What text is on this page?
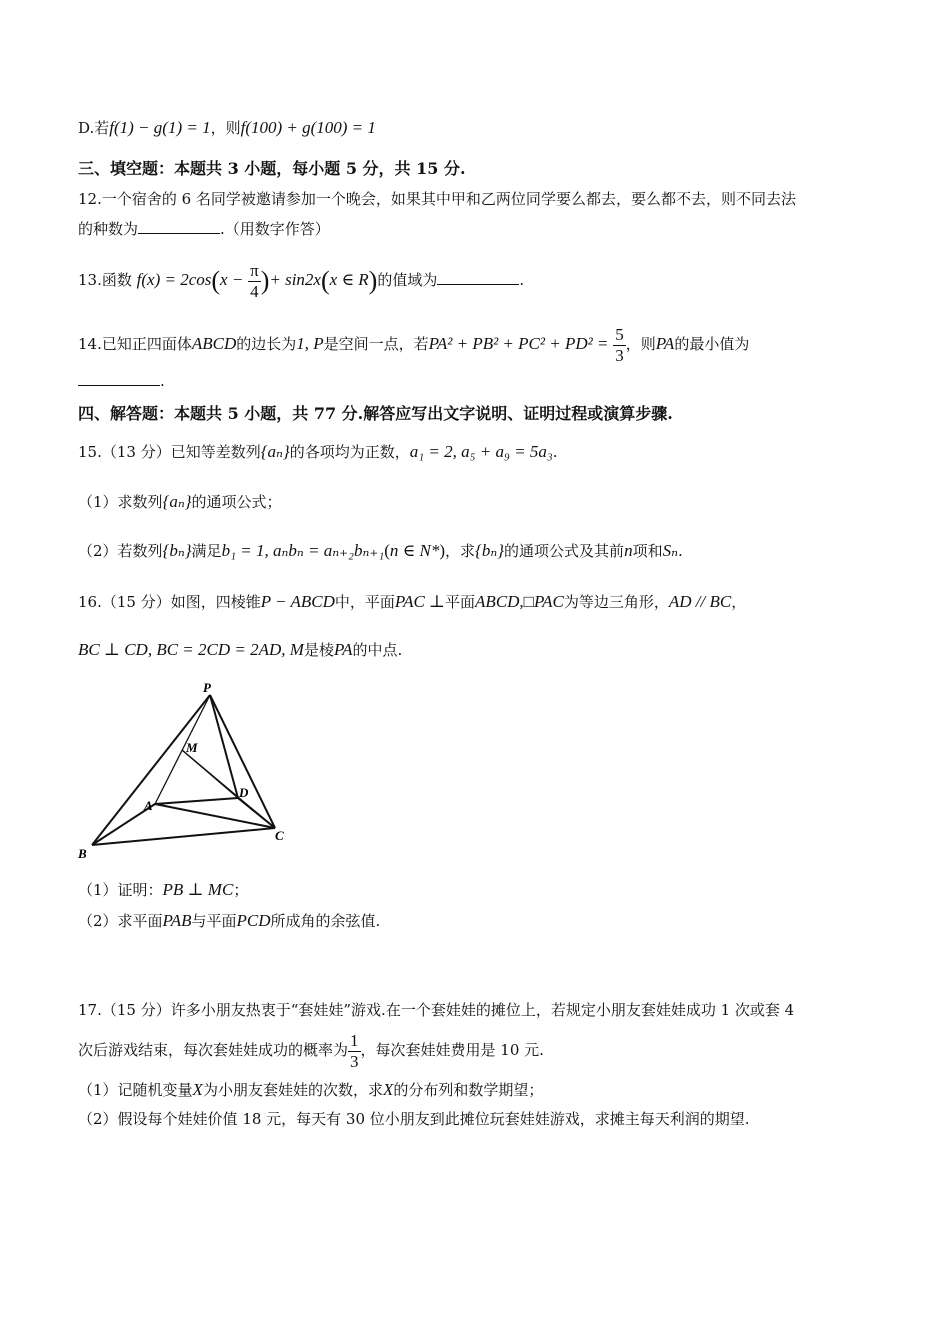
D.若f(1) − g(1) = 1，则f(100) + g(100) = 1
三、填空题：本题共 3 小题，每小题 5 分，共 15 分.
12.一个宿舍的 6 名同学被邀请参加一个晚会，如果其中甲和乙两位同学要么都去，要么都不去，则不同去法
的种数为	.（用数字作答）
13.函数 $f(x) = 2\cos(x - \frac{\pi}{4}$ )+ sin2x(x ∈ R)的值域为	.
14.已知正四面体ABCD的边长为1, P是空间一点，若$PA^2 + PB^2 + PC^2 + PD^2 = \frac{5}{3}$ ，则PA的最小值为
.
四、解答题：本题共 5 小题，共 77 分.解答应写出文字说明、证明过程或演算步骤.
15.（13 分）已知等差数列{aₙ}的各项均为正数，a₁ = 2, a₅ + a₉ = 5a₃.
（1）求数列{aₙ}的通项公式；
（2）若数列{bₙ}满足b₁ = 1, aₙbₙ = aₙ₊₂bₙ₊₁(n ∈ N*)，求{bₙ}的通项公式及其前n项和Sₙ.
16.（15 分）如图，四棱锥P − ABCD中，平面PAC ⊥平面ABCD,□PAC为等边三角形，AD // BC，
BC ⊥ CD, BC = 2CD = 2AD, M是棱PA的中点.
P
M
A
D
C
B
（1）证明：PB ⊥ MC；
（2）求平面PAB与平面PCD所成角的余弦值.
17.（15 分）许多小朋友热衷于“套娃娃”游戏.在一个套娃娃的摊位上，若规定小朋友套娃娃成功 1 次或套 4
次后游戏结束，每次套娃娃成功的概率为 $\frac{1}{3}$ ，每次套娃娃费用是 10 元.
（1）记随机变量X为小朋友套娃娃的次数，求X的分布列和数学期望；
（2）假设每个娃娃价值 18 元，每天有 30 位小朋友到此摊位玩套娃娃游戏，求摊主每天利润的期望.
